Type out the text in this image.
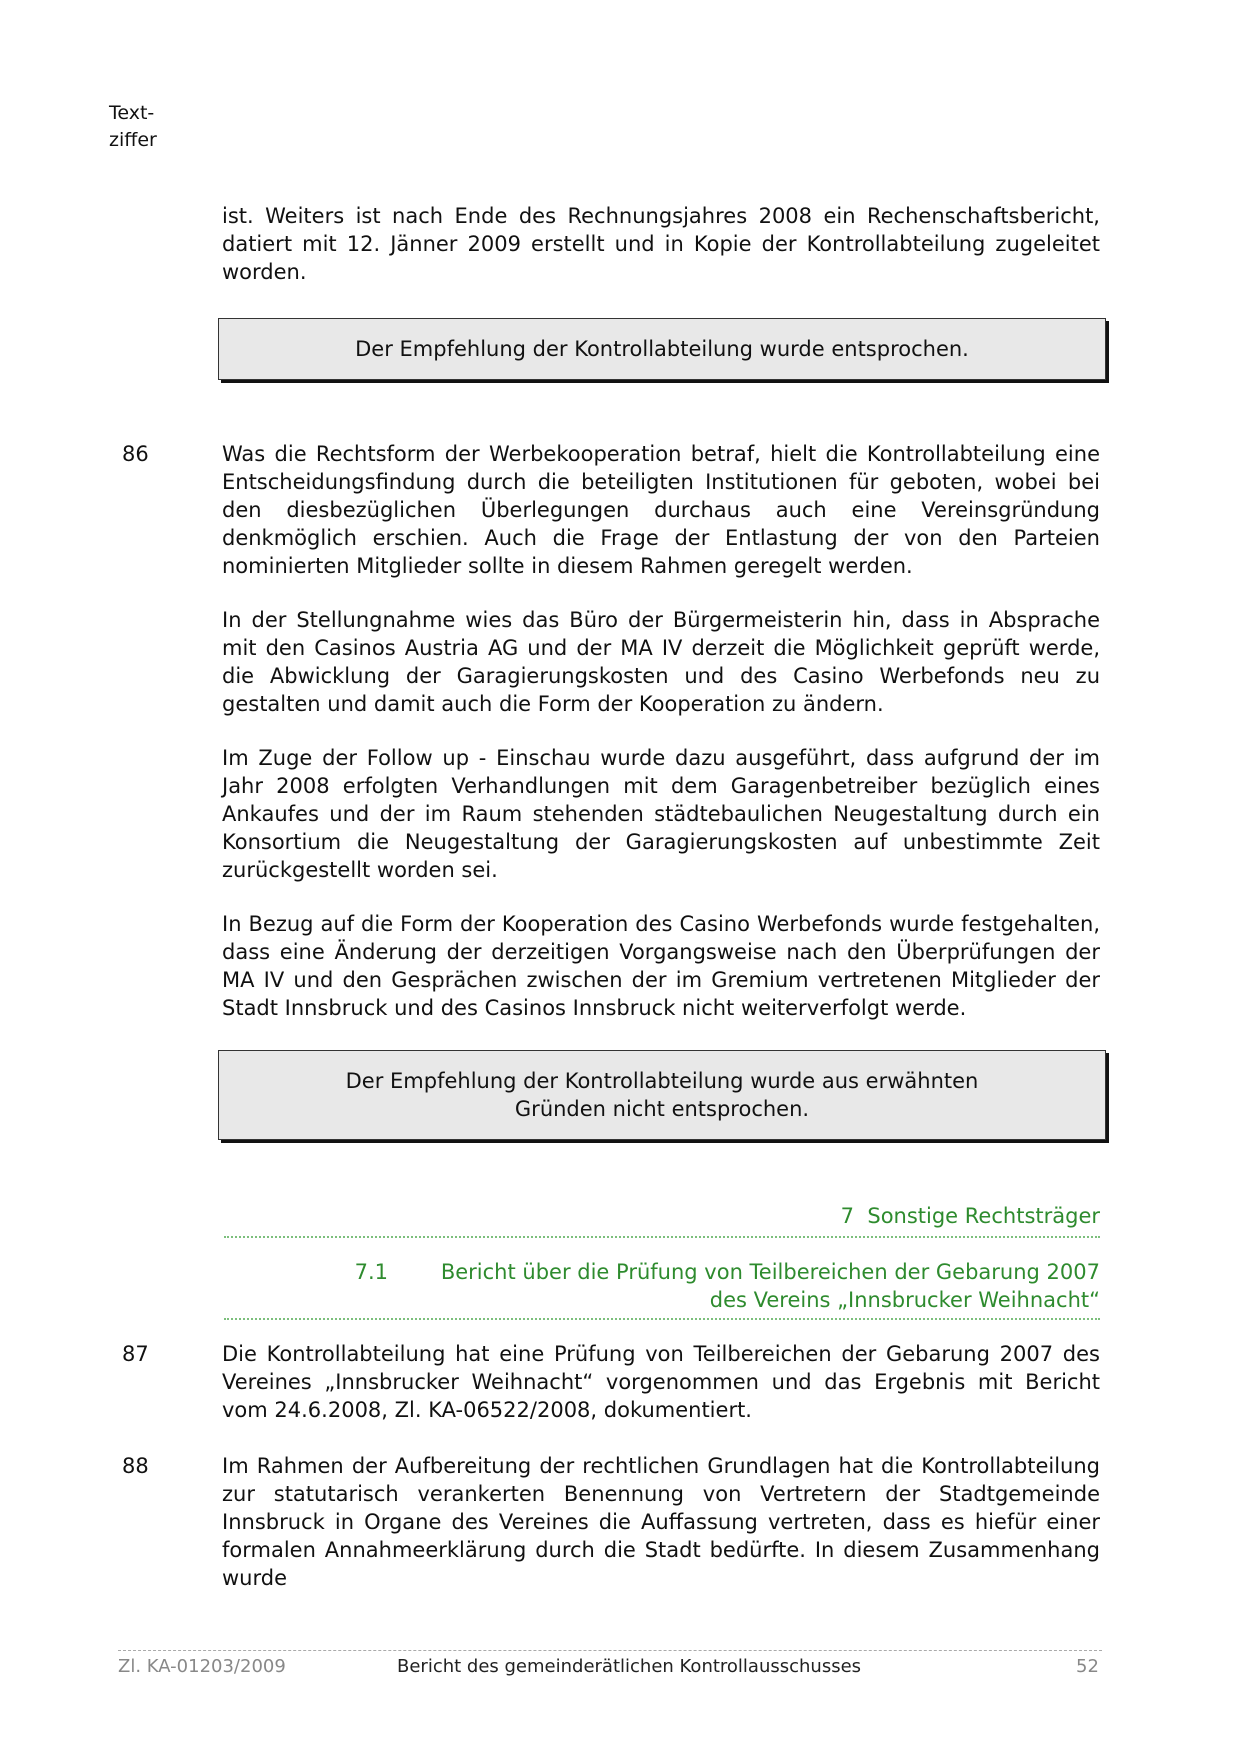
Text-
ziffer

ist. Weiters ist nach Ende des Rechnungsjahres 2008 ein Rechenschaftsbericht, datiert mit 12. Jänner 2009 erstellt und in Kopie der Kontrollabteilung zugeleitet worden.

Der Empfehlung der Kontrollabteilung wurde entsprochen.
86	Was die Rechtsform der Werbekooperation betraf, hielt die Kontrollabteilung eine Entscheidungsfindung durch die beteiligten Institutionen für geboten, wobei bei den diesbezüglichen Überlegungen durchaus auch eine Vereinsgründung denkmöglich erschien. Auch die Frage der Entlastung der von den Parteien nominierten Mitglieder sollte in diesem Rahmen geregelt werden.

In der Stellungnahme wies das Büro der Bürgermeisterin hin, dass in Absprache mit den Casinos Austria AG und der MA IV derzeit die Möglichkeit geprüft werde, die Abwicklung der Garagierungskosten und des Casino Werbefonds neu zu gestalten und damit auch die Form der Kooperation zu ändern.

Im Zuge der Follow up - Einschau wurde dazu ausgeführt, dass aufgrund der im Jahr 2008 erfolgten Verhandlungen mit dem Garagenbetreiber bezüglich eines Ankaufes und der im Raum stehenden städtebaulichen Neugestaltung durch ein Konsortium die Neugestaltung der Garagierungskosten auf unbestimmte Zeit zurückgestellt worden sei.

In Bezug auf die Form der Kooperation des Casino Werbefonds wurde festgehalten, dass eine Änderung der derzeitigen Vorgangsweise nach den Überprüfungen der MA IV und den Gesprächen zwischen der im Gremium vertretenen Mitglieder der Stadt Innsbruck und des Casinos Innsbruck nicht weiterverfolgt werde.

Der Empfehlung der Kontrollabteilung wurde aus erwähnten Gründen nicht entsprochen.
7 Sonstige Rechtsträger
7.1	Bericht über die Prüfung von Teilbereichen der Gebarung 2007 des Vereins „Innsbrucker Weihnacht“
87	Die Kontrollabteilung hat eine Prüfung von Teilbereichen der Gebarung 2007 des Vereines „Innsbrucker Weihnacht“ vorgenommen und das Ergebnis mit Bericht vom 24.6.2008, Zl. KA-06522/2008, dokumentiert.

88	Im Rahmen der Aufbereitung der rechtlichen Grundlagen hat die Kontrollabteilung zur statutarisch verankerten Benennung von Vertretern der Stadtgemeinde Innsbruck in Organe des Vereines die Auffassung vertreten, dass es hiefür einer formalen Annahmeerklärung durch die Stadt bedürfte. In diesem Zusammenhang wurde

Zl. KA-01203/2009	Bericht des gemeinderätlichen Kontrollausschusses	52
